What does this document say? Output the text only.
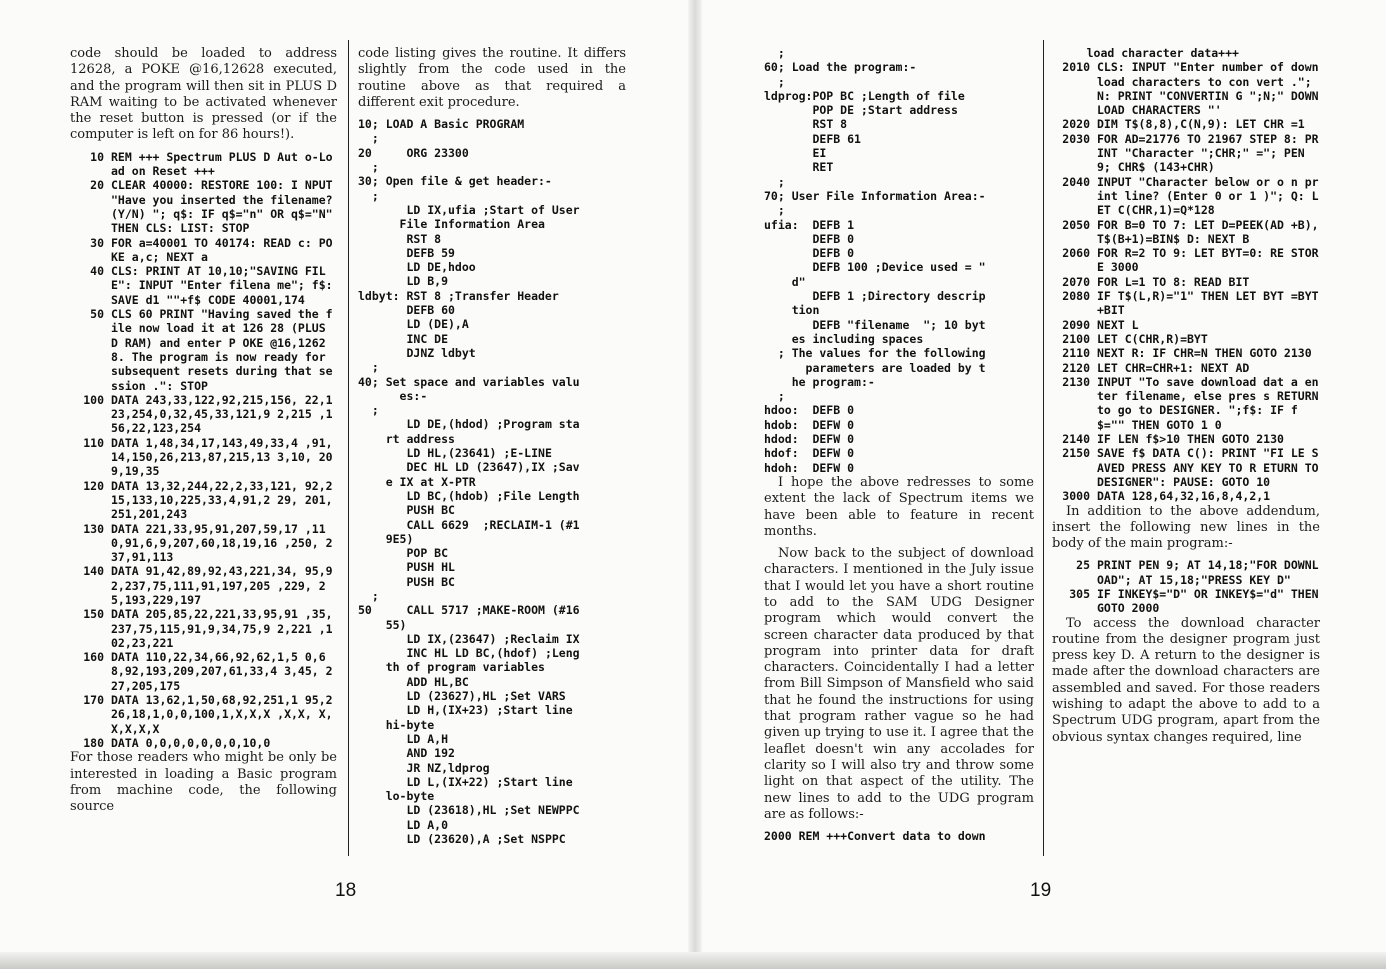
code should be loaded to address 12628, a POKE @16,12628 executed, and the program will then sit in PLUS D RAM waiting to be activated whenever the reset button is pressed (or if the computer is left on for 86 hours!).

10 REM +++ Spectrum PLUS D Aut o-Load on Reset +++
20 CLEAR 40000: RESTORE 100: I NPUT "Have you inserted the filename? (Y/N) "; q$: IF q$="n" OR q$="N" THEN CLS: LIST: STOP
30 FOR a=40001 TO 40174: READ c: POKE a,c; NEXT a
40 CLS: PRINT AT 10,10;"SAVING FILE": INPUT "Enter filena me"; f$: SAVE d1 ""+f$ CODE 40001,174
50 CLS 60 PRINT "Having saved the file now load it at 126 28 (PLUS D RAM) and enter P OKE @16,12628. The program is now ready for subsequent resets during that session .": STOP
100 DATA 243,33,122,92,215,156, 22,123,254,0,32,45,33,121,9 2,215 ,156,22,123,254
110 DATA 1,48,34,17,143,49,33,4 ,91,14,150,26,213,87,215,13 3,10, 209,19,35
120 DATA 13,32,244,22,2,33,121, 92,215,133,10,225,33,4,91,2 29, 201,251,201,243
130 DATA 221,33,95,91,207,59,17 ,110,91,6,9,207,60,18,19,16 ,250, 237,91,113
140 DATA 91,42,89,92,43,221,34, 95,92,237,75,111,91,197,205 ,229, 25,193,229,197
150 DATA 205,85,22,221,33,95,91 ,35,237,75,115,91,9,34,75,9 2,221 ,102,23,221
160 DATA 110,22,34,66,92,62,1,5 0,68,92,193,209,207,61,33,4 3,45, 227,205,175
170 DATA 13,62,1,50,68,92,251,1 95,226,18,1,0,0,100,1,X,X,X ,X,X, X,X,X,X,X
180 DATA 0,0,0,0,0,0,0,10,0

For those readers who might be only be interested in loading a Basic program from machine code, the following source

code listing gives the routine. It differs slightly from the code used in the routine above as that required a different exit procedure.

10; LOAD A Basic PROGRAM
;
20     ORG 23300
;
30; Open file & get header:-
;
LD IX,ufia ;Start of User
File Information Area
RST 8
DEFB 59
LD DE,hdoo
LD B,9
ldbyt: RST 8 ;Transfer Header
DEFB 60
LD (DE),A
INC DE
DJNZ ldbyt
;
40; Set space and variables valu
es:-
;
LD DE,(hdod) ;Program sta
rt address
LD HL,(23641) ;E-LINE
DEC HL LD (23647),IX ;Sav
e IX at X-PTR
LD BC,(hdob) ;File Length
PUSH BC
CALL 6629  ;RECLAIM-1 (#1
9E5)
POP BC
PUSH HL
PUSH BC
;
50     CALL 5717 ;MAKE-ROOM (#16
55)
LD IX,(23647) ;Reclaim IX
INC HL LD BC,(hdof) ;Leng
th of program variables
ADD HL,BC
LD (23627),HL ;Set VARS
LD H,(IX+23) ;Start line
hi-byte
LD A,H
AND 192
JR NZ,ldprog
LD L,(IX+22) ;Start line
lo-byte
LD (23618),HL ;Set NEWPPC
LD A,0
LD (23620),A ;Set NSPPC
18
;
60; Load the program:-
;
ldprog:POP BC ;Length of file
POP DE ;Start address
RST 8
DEFB 61
EI
RET
;
70; User File Information Area:-
;
ufia:  DEFB 1
DEFB 0
DEFB 0
DEFB 100 ;Device used = "
d"
DEFB 1 ;Directory descrip
tion
DEFB "filename  "; 10 byt
es including spaces
; The values for the following
parameters are loaded by t
he program:-
;
hdoo:  DEFB 0
hdob:  DEFW 0
hdod:  DEFW 0
hdof:  DEFW 0
hdoh:  DEFW 0

I hope the above redresses to some extent the lack of Spectrum items we have been able to feature in recent months.

Now back to the subject of download characters. I mentioned in the July issue that I would let you have a short routine to add to the SAM UDG Designer program which would convert the screen character data produced by that program into printer data for draft characters. Coincidentally I had a letter from Bill Simpson of Mansfield who said that he found the instructions for using that program rather vague so he had given up trying to use it. I agree that the leaflet doesn't win any accolades for clarity so I will also try and throw some light on that aspect of the utility. The new lines to add to the UDG program are as follows:-

2000 REM +++Convert data to down
load character data+++
2010 CLS: INPUT "Enter number of download characters to con vert .";N: PRINT "CONVERTIN G ";N;" DOWNLOAD CHARACTERS "'
2020 DIM T$(8,8),C(N,9): LET CHR =1
2030 FOR AD=21776 TO 21967 STEP 8: PRINT "Character ";CHR;" ="; PEN 9; CHR$ (143+CHR)
2040 INPUT "Character below or o n print line? (Enter 0 or 1 )"; Q: LET C(CHR,1)=Q*128
2050 FOR B=0 TO 7: LET D=PEEK(AD +B),T$(B+1)=BIN$ D: NEXT B
2060 FOR R=2 TO 9: LET BYT=0: RE STORE 3000
2070 FOR L=1 TO 8: READ BIT
2080 IF T$(L,R)="1" THEN LET BYT =BYT+BIT
2090 NEXT L
2100 LET C(CHR,R)=BYT
2110 NEXT R: IF CHR=N THEN GOTO 2130
2120 LET CHR=CHR+1: NEXT AD
2130 INPUT "To save download dat a enter filename, else pres s RETURN to go to DESIGNER. ";f$: IF f$="" THEN GOTO 1 0
2140 IF LEN f$>10 THEN GOTO 2130
2150 SAVE f$ DATA C(): PRINT "FI LE SAVED PRESS ANY KEY TO R ETURN TO DESIGNER": PAUSE: GOTO 10
3000 DATA 128,64,32,16,8,4,2,1

In addition to the above addendum, insert the following new lines in the body of the main program:-

25 PRINT PEN 9; AT 14,18;"FOR DOWNLOAD"; AT 15,18;"PRESS KEY D"
305 IF INKEY$="D" OR INKEY$="d" THEN GOTO 2000

To access the download character routine from the designer program just press key D. A return to the designer is made after the download characters are assembled and saved. For those readers wishing to adapt the above to add to a Spectrum UDG program, apart from the obvious syntax changes required, line

19
